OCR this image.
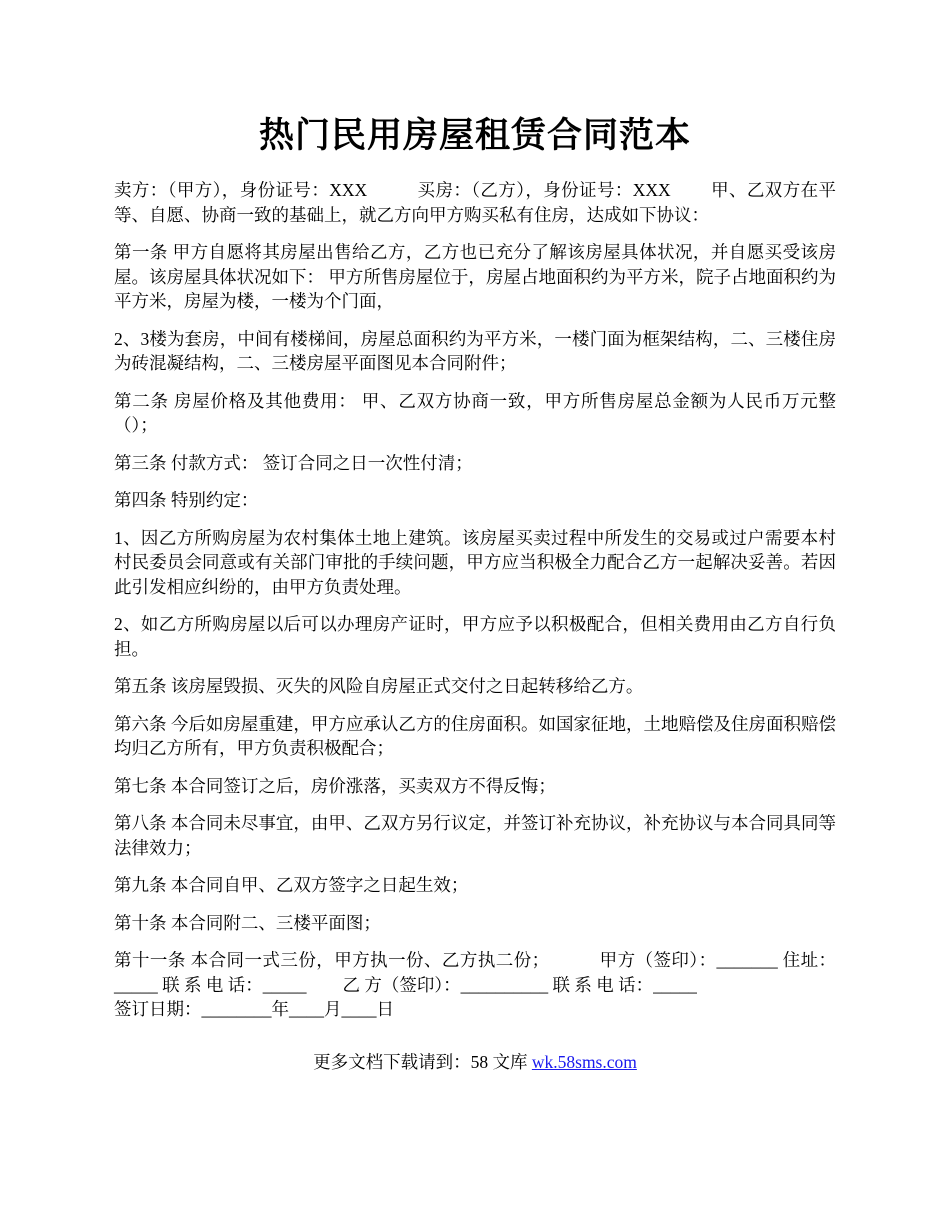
热门民用房屋租赁合同范本

卖方：（甲方），身份证号：XXX	买房：（乙方），身份证号：XXX 甲、乙双方在平等、自愿、协商一致的基础上，就乙方向甲方购买私有住房，达成如下协议：

第一条 甲方自愿将其房屋出售给乙方，乙方也已充分了解该房屋具体状况，并自愿买受该房屋。该房屋具体状况如下： 甲方所售房屋位于，房屋占地面积约为平方米，院子占地面积约为平方米，房屋为楼，一楼为个门面，

2、3楼为套房，中间有楼梯间，房屋总面积约为平方米，一楼门面为框架结构，二、三楼住房为砖混凝结构，二、三楼房屋平面图见本合同附件；

第二条 房屋价格及其他费用： 甲、乙双方协商一致，甲方所售房屋总金额为人民币万元整（）；

第三条 付款方式： 签订合同之日一次性付清；

第四条 特别约定：

1、因乙方所购房屋为农村集体土地上建筑。该房屋买卖过程中所发生的交易或过户需要本村村民委员会同意或有关部门审批的手续问题，甲方应当积极全力配合乙方一起解决妥善。若因此引发相应纠纷的，由甲方负责处理。

2、如乙方所购房屋以后可以办理房产证时，甲方应予以积极配合，但相关费用由乙方自行负担。

第五条 该房屋毁损、灭失的风险自房屋正式交付之日起转移给乙方。

第六条 今后如房屋重建，甲方应承认乙方的住房面积。如国家征地，土地赔偿及住房面积赔偿均归乙方所有，甲方负责积极配合；

第七条 本合同签订之后，房价涨落，买卖双方不得反悔；

第八条 本合同未尽事宜，由甲、乙双方另行议定，并签订补充协议，补充协议与本合同具同等法律效力；

第九条 本合同自甲、乙双方签字之日起生效；

第十条 本合同附二、三楼平面图；

第十一条 本合同一式三份，甲方执一份、乙方执二份；	甲方（签印）：_______ 住址：_____ 联 系 电 话：_____ 乙 方（签印）：__________ 联 系 电 话：_____
签订日期：________年____月____日

更多文档下载请到：58 文库 wk.58sms.com
